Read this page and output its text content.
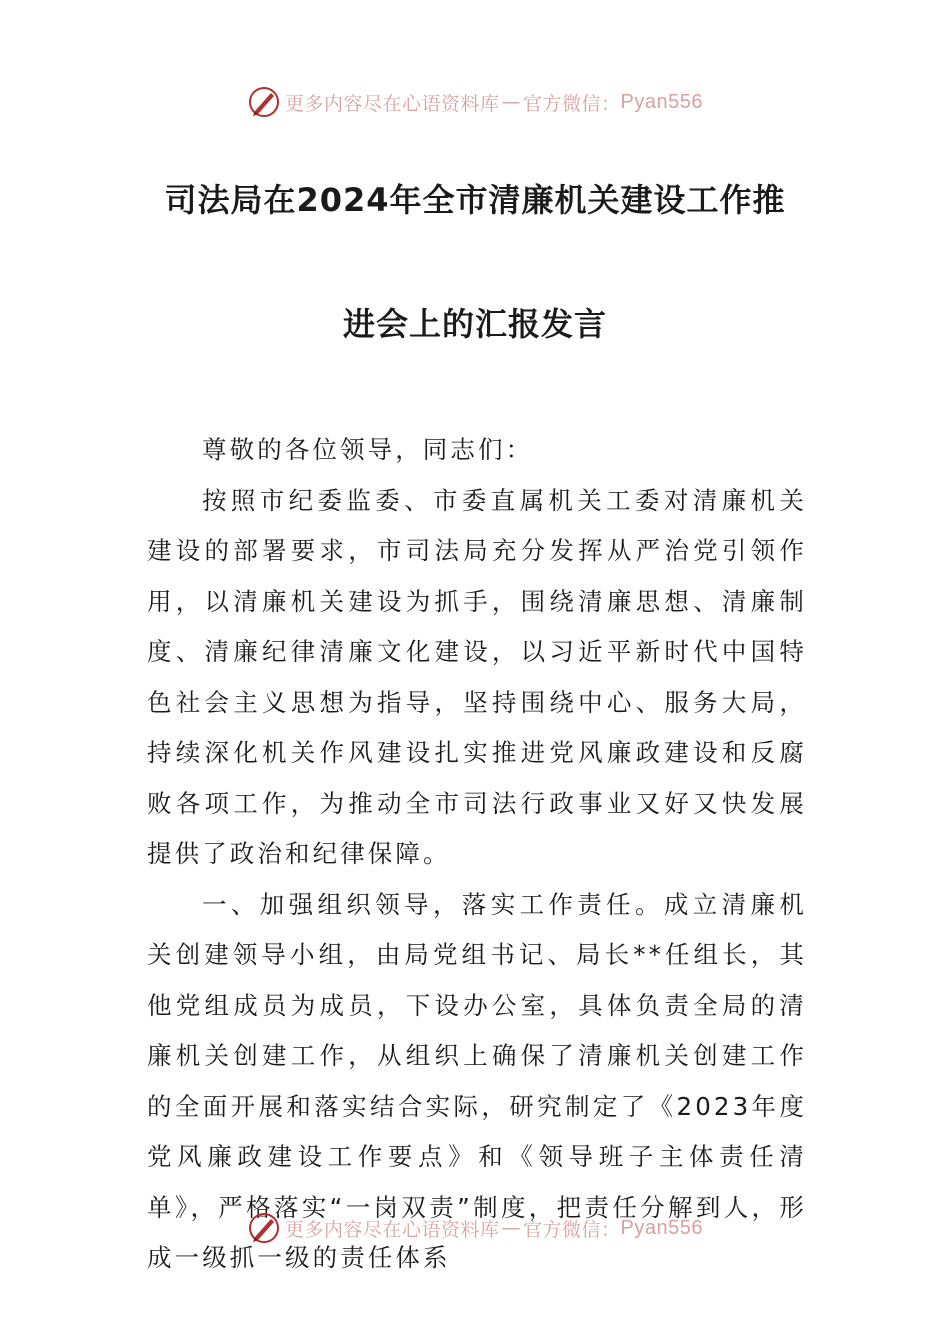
更多内容尽在心语资料库 — 官方微信： Pyan556
司法局在2024年全市清廉机关建设工作推
进会上的汇报发言

尊敬的各位领导，同志们：

按照市纪委监委、市委直属机关工委对清廉机关建设的部署要求，市司法局充分发挥从严治党引领作用，以清廉机关建设为抓手，围绕清廉思想、清廉制度、清廉纪律清廉文化建设，以习近平新时代中国特色社会主义思想为指导，坚持围绕中心、服务大局，持续深化机关作风建设扎实推进党风廉政建设和反腐败各项工作，为推动全市司法行政事业又好又快发展提供了政治和纪律保障。

一、加强组织领导，落实工作责任。成立清廉机关创建领导小组，由局党组书记、局长**任组长，其他党组成员为成员，下设办公室，具体负责全局的清廉机关创建工作，从组织上确保了清廉机关创建工作的全面开展和落实结合实际，研究制定了《2023年度党风廉政建设工作要点》和《领导班子主体责任清单》，严格落实“一岗双责”制度，把责任分解到人，形成一级抓一级的责任体系

更多内容尽在心语资料库 — 官方微信： Pyan556
